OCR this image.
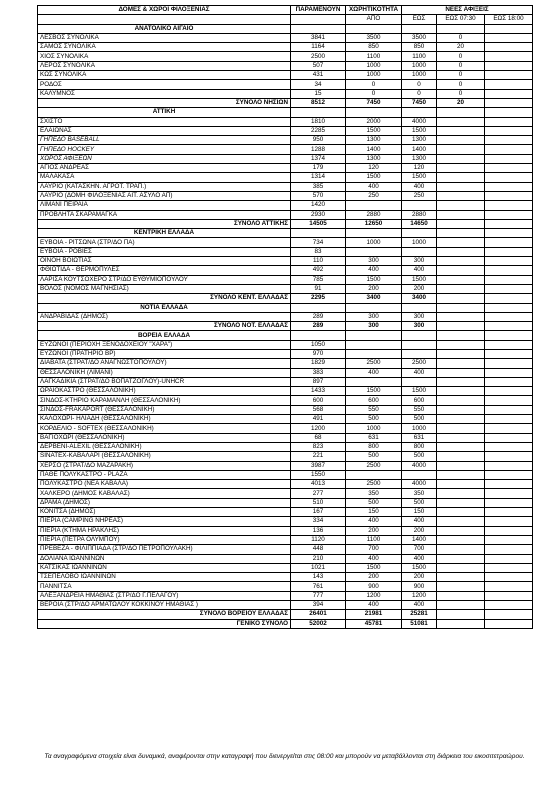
ΔΟΜΕΣ & ΧΩΡΟΙ ΦΙΛΟΞΕΝΙΑΣ	ΠΑΡΑΜΕΝΟΥΝ	ΧΩΡΗΤΙΚΟΤΗΤΑ	ΝΕΕΣ ΑΦΙΞΕΙΣ		
		ΑΠΟ	ΕΩΣ	ΕΩΣ 07:30	ΕΩΣ 18:00
ΑΝΑΤΟΛΙΚΟ ΑΙΓΑΙΟ					
ΛΕΣΒΟΣ ΣΥΝΟΛΙΚΑ	3841	3500	3500	0	
ΣΑΜΟΣ ΣΥΝΟΛΙΚΑ	1164	850	850	20	
ΧΙΟΣ ΣΥΝΟΛΙΚΑ	2500	1100	1100	0	
ΛΕΡΟΣ ΣΥΝΟΛΙΚΑ	507	1000	1000	0	
ΚΩΣ ΣΥΝΟΛΙΚΑ	431	1000	1000	0	
ΡΟΔΟΣ	34	0	0	0	
ΚΑΛΥΜΝΟΣ	15	0	0	0	
ΣΥΝΟΛΟ ΝΗΣΙΩΝ	8512	7450	7450	20	
ΑΤΤΙΚΗ					
ΣΧΙΣΤΟ	1810	2000	4000		
ΕΛΑΙΩΝΑΣ	2285	1500	1500		
ΓΗΠΕΔΟ BASEBALL	950	1300	1300		
ΓΗΠΕΔΟ HOCKEY	1288	1400	1400		
ΧΩΡΟΣ ΑΦΙΞΕΩΝ	1374	1300	1300		
ΑΓΙΟΣ ΑΝΔΡΕΑΣ	179	120	120		
ΜΑΛΑΚΑΣΑ	1314	1500	1500		
ΛΑΥΡΙΟ (ΚΑΤΑΣΚΗΝ. ΑΓΡΟΤ. ΤΡΑΠ.)	385	400	400		
ΛΑΥΡΙΟ (ΔΟΜΗ ΦΙΛΟΞΕΝΙΑΣ ΑΙΤ. ΑΣΥΛΟ ΑΠ)	570	250	250		
ΛΙΜΑΝΙ ΠΕΙΡΑΙΑ	1420				
ΠΡΟΒΛΗΤΑ ΣΚΑΡΑΜΑΓΚΑ	2930	2880	2880		
ΣΥΝΟΛΟ ΑΤΤΙΚΗΣ	14505	12650	14650		
ΚΕΝΤΡΙΚΗ ΕΛΛΑΔΑ					
ΕΥΒΟΙΑ - ΡΙΤΣΩΝΑ (ΣΤΡ/ΔΟ ΠΑ)	734	1000	1000		
ΕΥΒΟΙΑ - ΡΟΒΙΕΣ	83				
ΟΙΝΟΗ ΒΟΙΩΤΙΑΣ	110	300	300		
ΦΘΙΩΤΙΔΑ - ΘΕΡΜΟΠΥΛΕΣ	492	400	400		
ΛΑΡΙΣΑ ΚΟΥΤΣΟΧΕΡΟ ΣΤΡ/ΔΟ ΕΥΘΥΜΙΟΠΟΥΛΟΥ	785	1500	1500		
ΒΟΛΟΣ (ΝΟΜΟΣ ΜΑΓΝΗΣΙΑΣ)	91	200	200		
ΣΥΝΟΛΟ ΚΕΝΤ. ΕΛΛΑΔΑΣ	2295	3400	3400		
ΝΟΤΙΑ ΕΛΛΑΔΑ					
ΑΝΔΡΑΒΙΔΑΣ (ΔΗΜΟΣ)	289	300	300		
ΣΥΝΟΛΟ ΝΟΤ. ΕΛΛΑΔΑΣ	289	300	300		
ΒΟΡΕΙΑ ΕΛΛΑΔΑ					
ΕΥΖΩΝΟΙ (ΠΕΡΙΟΧΗ ΞΕΝΟΔΟΧΕΙΟΥ "ΧΑΡΑ")	1050				
ΕΥΖΩΝΟΙ (ΠΡΑΤΗΡΙΟ ΒΡ)	970				
ΔΙΑΒΑΤΑ (ΣΤΡΑΤ/ΔΟ ΑΝΑΓΝΩΣΤΟΠΟΥΛΟΥ)	1829	2500	2500		
ΘΕΣΣΑΛΟΝΙΚΗ (ΛΙΜΑΝΙ)	383	400	400		
ΛΑΓΚΑΔΙΚΙΑ (ΣΤΡΑΤ/ΔΟ ΒΟΠΑΤΖΟΓΛΟΥ)-UNHCR	897				
ΩΡΑΙΟΚΑΣΤΡΟ (ΘΕΣΣΑΛΟΝΙΚΗ)	1433	1500	1500		
ΣΙΝΔΟΣ-ΚΤΗΡΙΟ ΚΑΡΑΜΑΝΛΗ (ΘΕΣΣΑΛΟΝΙΚΗ)	600	600	600		
ΣΙΝΔΟΣ-FRAKAPORT (ΘΕΣΣΑΛΟΝΙΚΗ)	568	550	550		
ΚΑΛΟΧΩΡΙ- ΗΛΙΑΔΗ (ΘΕΣΣΑΛΟΝΙΚΗ)	491	500	500		
ΚΟΡΔΕΛΙΟ - SOFTEX (ΘΕΣΣΑΛΟΝΙΚΗ)	1200	1000	1000		
ΒΑΓΙΟΧΩΡΙ (ΘΕΣΣΑΛΟΝΙΚΗ)	68	631	631		
ΔΕΡΒΕΝΙ-ALEXIL (ΘΕΣΣΑΛΟΝΙΚΗ)	823	800	800		
SINATEX-ΚΑΒΑΛΑΡΙ (ΘΕΣΣΑΛΟΝΙΚΗ)	221	500	500		
ΧΕΡΣΟ (ΣΤΡΑΤ/ΔΟ ΜΑΖΑΡΑΚΗ)	3987	2500	4000		
ΠΑΘΕ ΠΟΛΥΚΑΣΤΡΟ - PLAZA	1550				
ΠΟΛΥΚΑΣΤΡΟ (ΝΕΑ ΚΑΒΑΛΑ)	4013	2500	4000		
ΧΑΛΚΕΡΟ (ΔΗΜΟΣ ΚΑΒΑΛΑΣ)	277	350	350		
ΔΡΑΜΑ (ΔΗΜΟΣ)	510	500	500		
ΚΟΝΙΤΣΑ (ΔΗΜΟΣ)	167	150	150		
ΠΙΕΡΙΑ (CAMPING ΝΗΡΕΑΣ)	334	400	400		
ΠΙΕΡΙΑ (ΚΤΗΜΑ ΗΡΑΚΛΗΣ)	136	200	200		
ΠΙΕΡΙΑ (ΠΕΤΡΑ ΟΛΥΜΠΟΥ)	1120	1100	1400		
ΠΡΕΒΕΖΑ - ΦΙΛΙΠΠΙΑΔΑ (ΣΤΡ/ΔΟ ΠΕΤΡΟΠΟΥΛΑΚΗ)	448	700	700		
ΔΟΛΙΑΝΑ ΙΩΑΝΝΙΝΩΝ	210	400	400		
ΚΑΤΣΙΚΑΣ ΙΩΑΝΝΙΝΩΝ	1021	1500	1500		
ΤΣΕΠΕΛΟΒΟ ΙΩΑΝΝΙΝΩΝ	143	200	200		
ΠΑΝΝΙΤΣΑ	761	900	900		
ΑΛΕΞΑΝΔΡΕΙΑ ΗΜΑΘΙΑΣ (ΣΤΡ/ΔΟ Γ.ΠΕΛΑΓΟΥ)	777	1200	1200		
ΒΕΡΟΙΑ (ΣΤΡ/ΔΟ ΑΡΜΑΤΩΛΟΥ ΚΟΚΚΙΝΟΥ ΗΜΑΘΙΑΣ )	394	400	400		
ΣΥΝΟΛΟ ΒΟΡΕΙΟΥ ΕΛΛΑΔΑΣ	26401	21981	25281		
ΓΕΝΙΚΟ ΣΥΝΟΛΟ	52002	45781	51081		
Τα αναγραφόμενα στοιχεία είναι δυναμικά, αναφέρονται στην καταγραφή που διενεργείται στις 08:00 και μπορούν να μεταβάλλονται στη διάρκεια του εικοσιτετραώρου.
